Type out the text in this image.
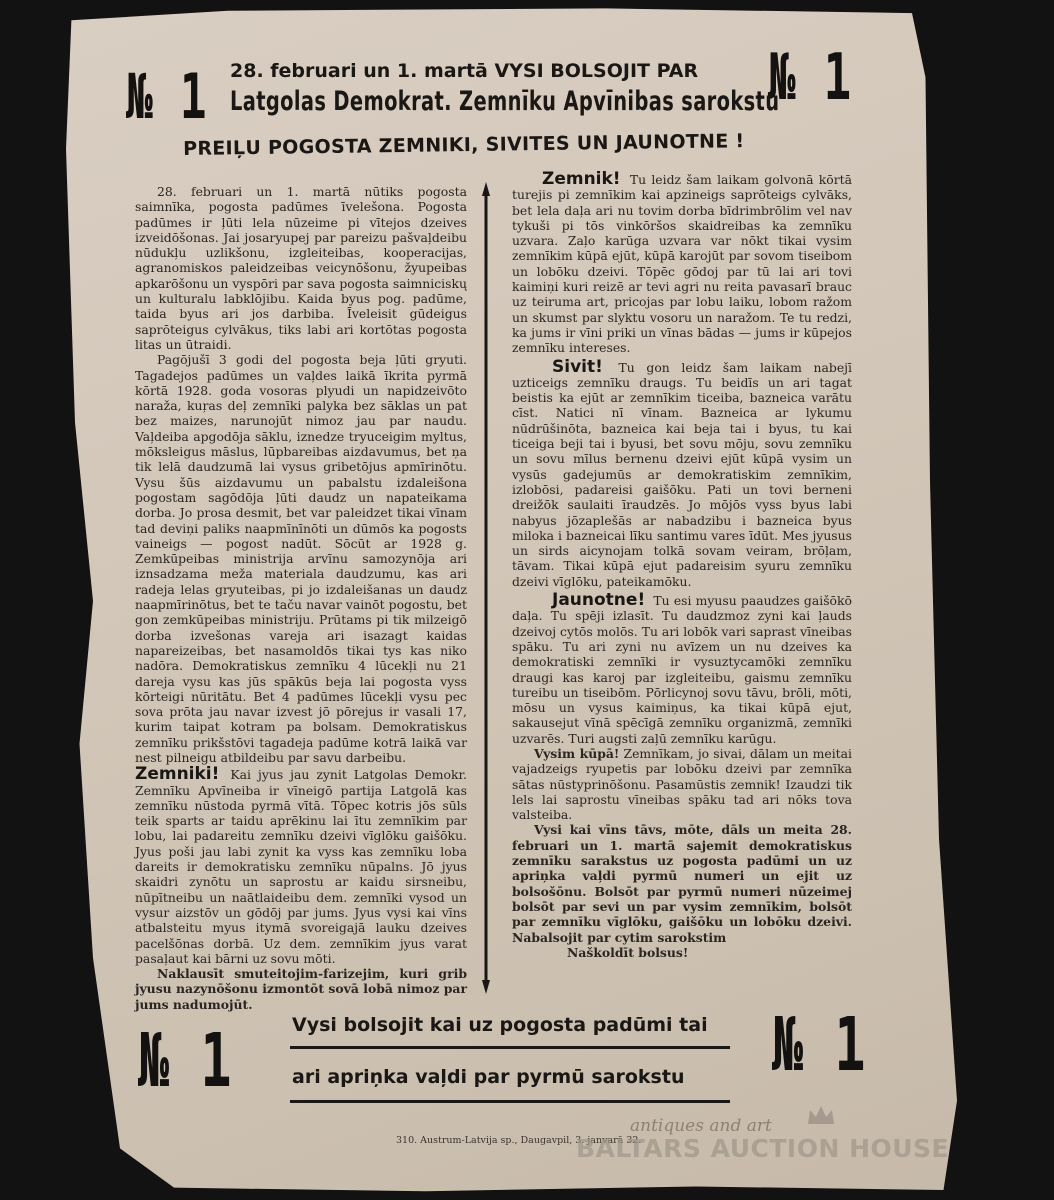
№ 1	№ 1
28. februari un 1. martā VYSI BOLSOJIT PAR
Latgolas Demokrat. Zemnīku Apvīnibas sarokstu
PREIĻU POGOSTA ZEMNIKI, SIVITES UN JAUNOTNE !

28. februari un 1. martā nūtiks pogosta saimnīka, pogosta padūmes īvelešona. Pogosta padūmes ir ļūti lela nūzeime pi vītejos dzeives izveidōšonas. Jai josaryupej par pareizu pašvaļdeibu nūdukļu uzlikšonu, izgleiteibas, kooperacijas, agranomiskos paleidzeibas veicynōšonu, žyupeibas apkarōšonu un vyspōri par sava pogosta saimniciskų un kulturalu labklōjibu. Kaida byus pog. padūme, taida byus ari jos darbiba. Īveleisit gūdeigus saprōteigus cylvākus, tiks labi ari kortōtas pogosta litas un ūtraidi.

Pagōjušī 3 godi del pogosta beja ļūti gryuti. Tagadejos padūmes un vaļdes laikā īkrita pyrmā kōrtā 1928. goda vosoras plyudi un napidzeivōto naraža, kuŗas deļ zemnīki palyka bez sāklas un pat bez maizes, narunojūt nimoz jau par naudu. Vaļdeiba apgodōja sāklu, iznedze tryuceigim myltus, mōksleigus māslus, lūpbareibas aizdavumus, bet ņa tik lelā daudzumā lai vysus gribetōjus apmīrinōtu. Vysu šūs aizdavumu un pabalstu izdaleišona pogostam sagōdōja ļūti daudz un napateikama dorba. Jo prosa desmit, bet var paleidzet tikai vīnam tad deviņi paliks naapmīnīnōti un dūmōs ka pogosts vaineigs — pogost nadūt. Sōcūt ar 1928 g. Zemkūpeibas ministrija arvīnu samozynōja ari iznsadzama meža materiala daudzumu, kas ari radeja lelas gryuteibas, pi jo izdaleišanas un daudz naapmīrinōtus, bet te taču navar vainōt pogostu, bet gon zemkūpeibas ministriju. Prūtams pi tik milzeigō dorba izvešonas vareja ari isazagt kaidas napareizeibas, bet nasamoldōs tikai tys kas niko nadōra. Demokratiskus zemnīku 4 lūcekļi nu 21 dareja vysu kas jūs spākūs beja lai pogosta vyss kōrteigi nūritātu. Bet 4 padūmes lūcekļi vysu pec sova prōta jau navar izvest jō pōrejus ir vasali 17, kurim taipat kotram pa bolsam. Demokratiskus zemnīku prikšstōvi tagadeja padūme kotrā laikā var nest pilneigu atbildeibu par savu darbeibu.

Zemniki! Kai jyus jau zynit Latgolas Demokr. Zemnīku Apvīneiba ir vīneigō partija Latgolā kas zemnīku nūstoda pyrmā vītā. Tōpec kotris jōs sūls teik sparts ar taidu aprēkinu lai ītu zemnīkim par lobu, lai padareitu zemnīku dzeivi vīglōku gaišōku. Jyus poši jau labi zynit ka vyss kas zemnīku loba dareits ir demokratisku zemnīku nūpalns. Jō jyus skaidri zynōtu un saprostu ar kaidu sirsneibu, nūpītneibu un naātlaideibu dem. zemnīki vysod un vysur aizstōv un gōdōj par jums. Jyus vysi kai vīns atbalsteitu myus itymā svoreigajā lauku dzeives pacelšōnas dorbā. Uz dem. zemnīkim jyus varat pasaļaut kai bārni uz sovu mōti.

Naklausīt smuteitojim-farizejim, kuri grib jyusu nazynōšonu izmontōt sovā lobā nimoz par jums nadumojūt.

Zemnik! Tu leidz šam laikam golvonā kōrtā turejis pi zemnīkim kai apzineigs saprōteigs cylvāks, bet lela daļa ari nu tovim dorba bīdrimbrōlim vel nav tykuši pi tōs vinkōršos skaidreibas ka zemnīku uzvara. Zaļo karūga uzvara var nōkt tikai vysim zemnīkim kūpā ejūt, kūpā karojūt par sovom tiseibom un lobōku dzeivi. Tōpēc gōdoj par tū lai ari tovi kaimiņi kuri reizē ar tevi agri nu reita pavasarī brauc uz teiruma art, pricojas par lobu laiku, lobom ražom un skumst par slyktu vosoru un naražom. Te tu redzi, ka jums ir vīni priki un vīnas bādas — jums ir kūpejos zemnīku intereses.

Sivit! Tu gon leidz šam laikam nabejī uzticeigs zemnīku draugs. Tu beidīs un ari tagat beistis ka ejūt ar zemnīkim ticeiba, bazneica varātu cīst. Natici nī vīnam. Bazneica ar lykumu nūdrūšinōta, bazneica kai beja tai i byus, tu kai ticeiga beji tai i byusi, bet sovu mōju, sovu zemnīku un sovu mīlus bernenu dzeivi ejūt kūpā vysim un vysūs gadejumūs ar demokratiskim zemnīkim, izlobōsi, padareisi gaišōku. Pati un tovi berneni dreižōk saulaiti īraudzēs. Jo mōjōs vyss byus labi nabyus jōzaplešās ar nabadzibu i bazneica byus miloka i bazneicai līku santimu vares īdūt. Mes jyusus un sirds aicynojam tolkā sovam veiram, brōļam, tāvam. Tikai kūpā ejut padareisim syuru zemnīku dzeivi vīglōku, pateikamōku.

Jaunotne! Tu esi myusu paaudzes gaišōkō daļa. Tu spēji izlasīt. Tu daudzmoz zyni kai ļauds dzeivoj cytōs molōs. Tu ari lobōk vari saprast vīneibas spāku. Tu ari zyni nu avīzem un nu dzeives ka demokratiski zemnīki ir vysuztycamōki zemnīku draugi kas karoj par izgleiteibu, gaismu zemnīku tureibu un tiseibōm. Pōrlicynoj sovu tāvu, brōli, mōti, mōsu un vysus kaimiņus, ka tikai kūpā ejut, sakausejut vīnā spēcīgā zemnīku organizmā, zemnīki uzvarēs. Turi augsti zaļū zemnīku karūgu.

Vysim kūpā! Zemnīkam, jo sivai, dālam un meitai vajadzeigs ryupetis par lobōku dzeivi par zemnīka sātas nūstyprinōšonu. Pasamūstis zemnik! Izaudzi tik lels lai saprostu vīneibas spāku tad ari nōks tova valsteiba.

Vysi kai vīns tāvs, mōte, dāls un meita 28. februari un 1. martā sajemit demokratiskus zemnīku sarakstus uz pogosta padūmi un uz apriņka vaļdi pyrmū numeri un ejit uz bolsošōnu. Bolsōt par pyrmū numeri nūzeimej bolsōt par sevi un par vysim zemnīkim, bolsōt par zemnīku vīglōku, gaišōku un lobōku dzeivi. Nabalsojit par cytim sarokstim

Naškoldīt bolsus!

№ 1	№ 1
Vysi bolsojit kai uz pogosta padūmi tai
ari apriņka vaļdi par pyrmū sarokstu
310. Austrum-Latvija sp., Daugavpil, 3. janvarā 32.
antiques and art
BALTARS AUCTION HOUSE
